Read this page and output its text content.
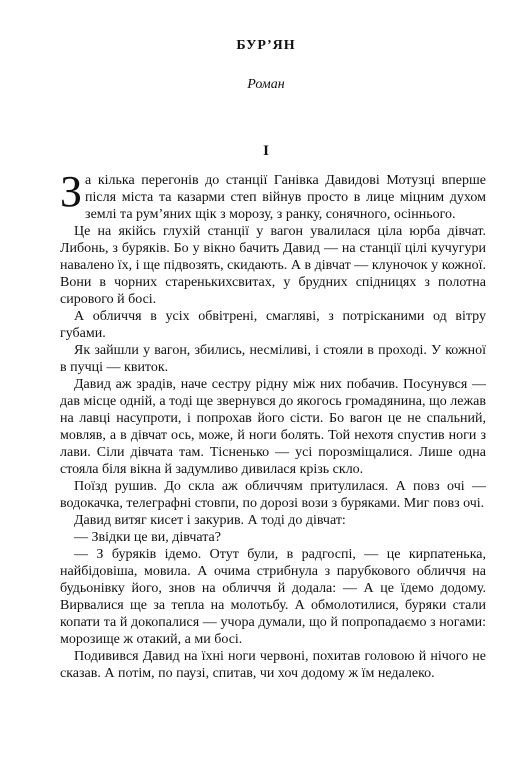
БУР’ЯН
Роман
I

За кілька перегонів до станції Ганівка Давидові Мотузці вперше після міста та казарми степ війнув просто в лице міцним духом землі та рум’яних щік з морозу, з ранку, сонячного, осіннього.

Це на якійсь глухій станції у вагон увалилася ціла юрба дівчат. Либонь, з буряків. Бо у вікно бачить Давид — на станції цілі кучугури навалено їх, і ще підвозять, скидають. А в дівчат — клуночок у кожної. Вони в чорних старенькихсвитах, у брудних спідницях з полотна сирового й босі.

А обличчя в усіх обвітрені, смагляві, з потрісканими од вітру губами.

Як зайшли у вагон, збились, несміливі, і стояли в проході. У кожної в пучці — квиток.

Давид аж зрадів, наче сестру рідну між них побачив. Посунувся — дав місце одній, а тоді ще звернувся до якогось громадянина, що лежав на лавці насупроти, і попрохав його сісти. Бо вагон це не спальний, мовляв, а в дівчат ось, може, й ноги болять. Той нехотя спустив ноги з лави. Сіли дівчата там. Тісненько — усі порозміщалися. Лише одна стояла біля вікна й задумливо дивилася крізь скло.

Поїзд рушив. До скла аж обличчям притулилася. А повз очі — водокачка, телеграфні стовпи, по дорозі вози з буряками. Миг повз очі.

Давид витяг кисет і закурив. А тоді до дівчат:

— Звідки це ви, дівчата?

— З буряків ідемо. Отут були, в радгоспі, — це кирпатенька, найбідовіша, мовила. А очима стрибнула з парубкового обличчя на будьонівку його, знов на обличчя й додала: — А це їдемо додому. Вирвалися ще за тепла на молотьбу. А обмолотилися, буряки стали копати та й докопалися — учора думали, що й попропадаємо з ногами: морозище ж отакий, а ми босі.

Подивився Давид на їхні ноги червоні, похитав головою й нічого не сказав. А потім, по паузі, спитав, чи хоч додому ж їм недалеко.
